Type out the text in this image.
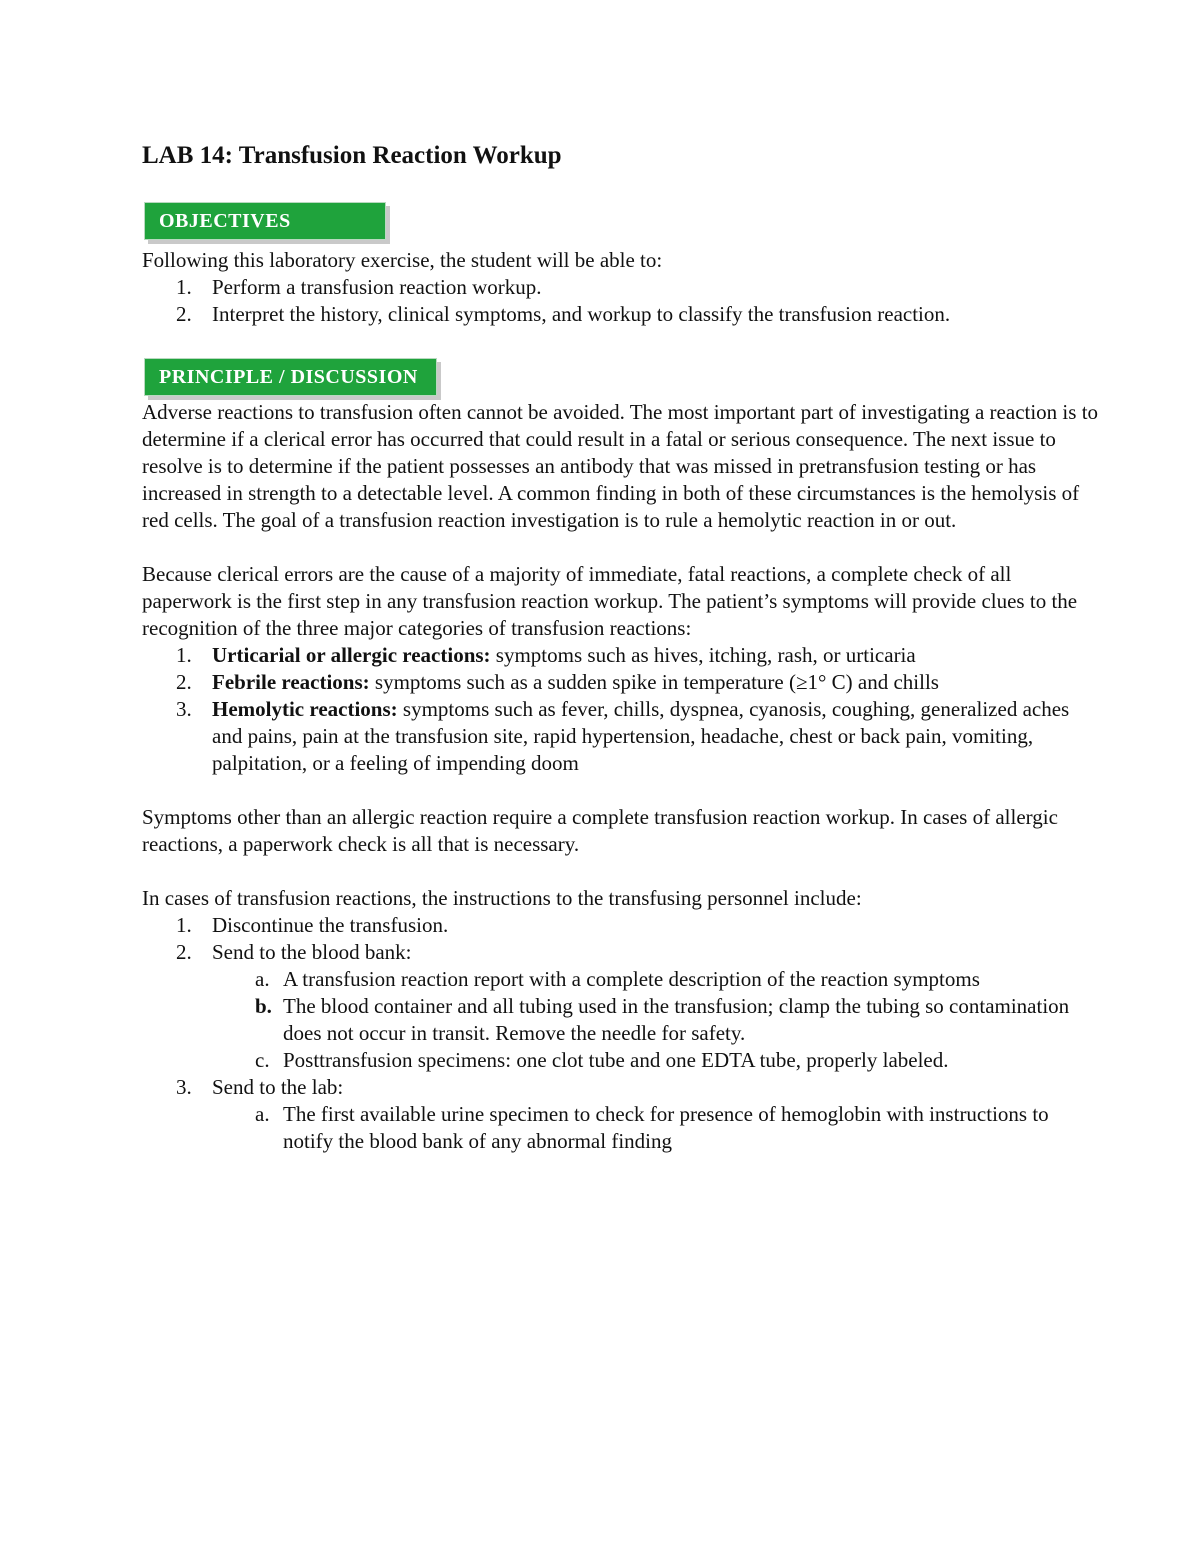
LAB 14: Transfusion Reaction Workup
OBJECTIVES

Following this laboratory exercise, the student will be able to:

1. Perform a transfusion reaction workup.
2. Interpret the history, clinical symptoms, and workup to classify the transfusion reaction.
PRINCIPLE / DISCUSSION

Adverse reactions to transfusion often cannot be avoided. The most important part of investigating a reaction is to determine if a clerical error has occurred that could result in a fatal or serious consequence. The next issue to resolve is to determine if the patient possesses an antibody that was missed in pretransfusion testing or has increased in strength to a detectable level. A common finding in both of these circumstances is the hemolysis of red cells. The goal of a transfusion reaction investigation is to rule a hemolytic reaction in or out.

Because clerical errors are the cause of a majority of immediate, fatal reactions, a complete check of all paperwork is the first step in any transfusion reaction workup. The patient’s symptoms will provide clues to the recognition of the three major categories of transfusion reactions:

1. Urticarial or allergic reactions: symptoms such as hives, itching, rash, or urticaria
2. Febrile reactions: symptoms such as a sudden spike in temperature (≥1° C) and chills
3. Hemolytic reactions: symptoms such as fever, chills, dyspnea, cyanosis, coughing, generalized aches and pains, pain at the transfusion site, rapid hypertension, headache, chest or back pain, vomiting, palpitation, or a feeling of impending doom

Symptoms other than an allergic reaction require a complete transfusion reaction workup. In cases of allergic reactions, a paperwork check is all that is necessary.

In cases of transfusion reactions, the instructions to the transfusing personnel include:

1. Discontinue the transfusion.
2. Send to the blood bank:
a. A transfusion reaction report with a complete description of the reaction symptoms
b. The blood container and all tubing used in the transfusion; clamp the tubing so contamination does not occur in transit. Remove the needle for safety.
c. Posttransfusion specimens: one clot tube and one EDTA tube, properly labeled.
3. Send to the lab:
a. The first available urine specimen to check for presence of hemoglobin with instructions to notify the blood bank of any abnormal finding
